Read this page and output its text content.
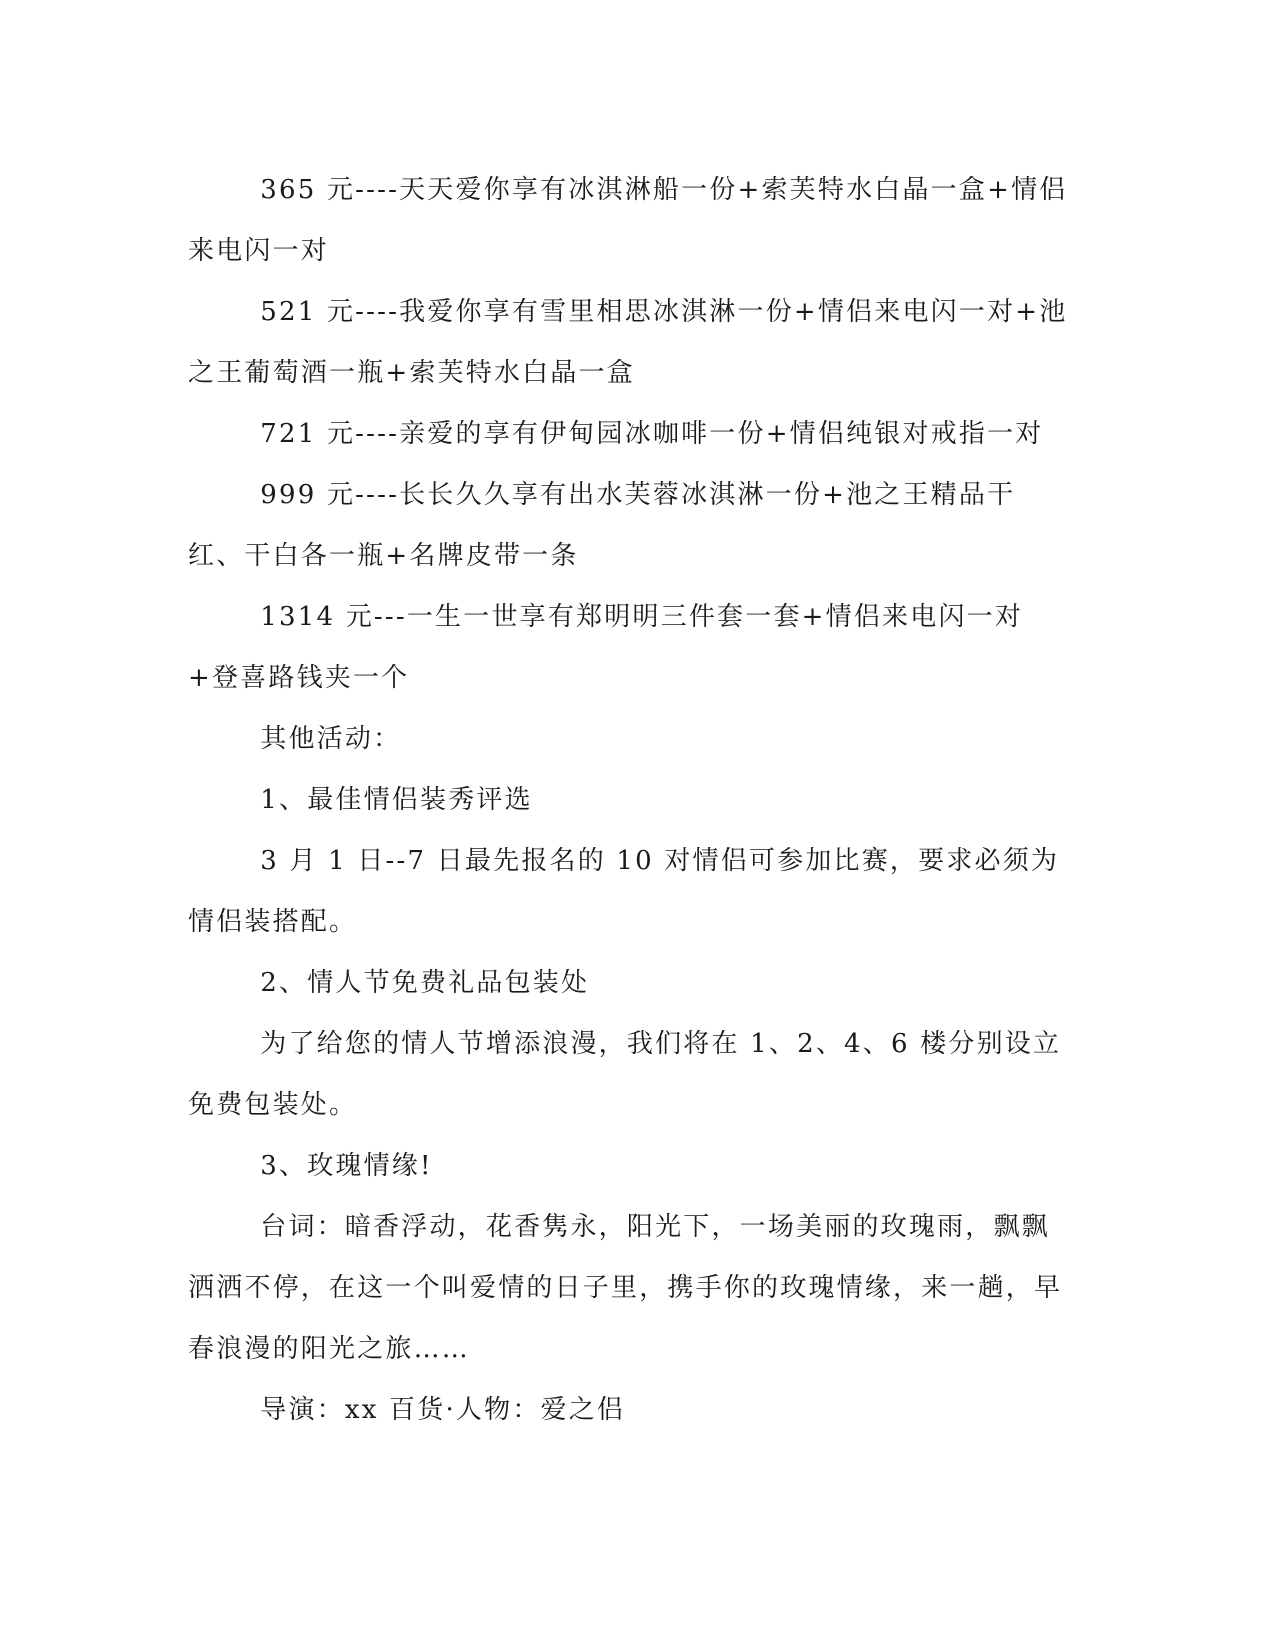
365 元----天天爱你享有冰淇淋船一份+索芙特水白晶一盒+情侣来电闪一对

521 元----我爱你享有雪里相思冰淇淋一份+情侣来电闪一对+池之王葡萄酒一瓶+索芙特水白晶一盒

721 元----亲爱的享有伊甸园冰咖啡一份+情侣纯银对戒指一对

999 元----长长久久享有出水芙蓉冰淇淋一份+池之王精品干红、干白各一瓶+名牌皮带一条

1314 元---一生一世享有郑明明三件套一套+情侣来电闪一对+登喜路钱夹一个

其他活动：

1、最佳情侣装秀评选

3 月 1 日--7 日最先报名的 10 对情侣可参加比赛，要求必须为情侣装搭配。

2、情人节免费礼品包装处

为了给您的情人节增添浪漫，我们将在 1、2、4、6 楼分别设立免费包装处。

3、玫瑰情缘!

台词：暗香浮动，花香隽永，阳光下，一场美丽的玫瑰雨，飘飘洒洒不停，在这一个叫爱情的日子里，携手你的玫瑰情缘，来一趟，早春浪漫的阳光之旅……

导演：xx 百货·人物：爱之侣
